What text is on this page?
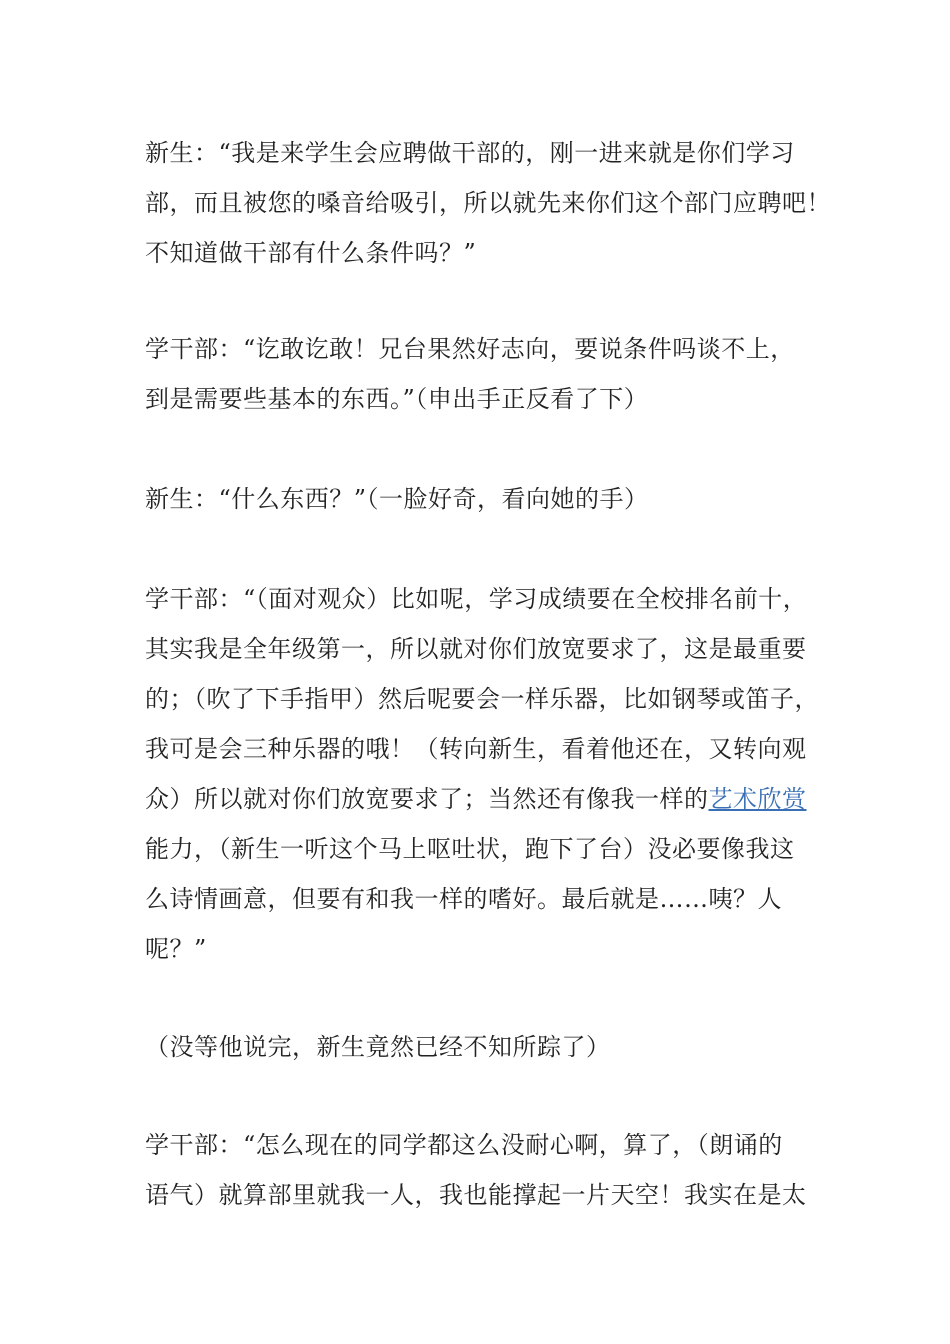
新生：“我是来学生会应聘做干部的，刚一进来就是你们学习
部，而且被您的嗓音给吸引，所以就先来你们这个部门应聘吧！
不知道做干部有什么条件吗？”
学干部：“讫敢讫敢！兄台果然好志向，要说条件吗谈不上，
到是需要些基本的东西。”（申出手正反看了下）
新生：“什么东西？”（一脸好奇，看向她的手）
学干部：“（面对观众）比如呢，学习成绩要在全校排名前十，
其实我是全年级第一，所以就对你们放宽要求了，这是最重要
的；（吹了下手指甲）然后呢要会一样乐器，比如钢琴或笛子，
我可是会三种乐器的哦！（转向新生，看着他还在，又转向观
众）所以就对你们放宽要求了；当然还有像我一样的艺术欣赏
能力，（新生一听这个马上呕吐状，跑下了台）没必要像我这
么诗情画意，但要有和我一样的嗜好。最后就是……咦？人
呢？”
（没等他说完，新生竟然已经不知所踪了）
学干部：“怎么现在的同学都这么没耐心啊，算了，（朗诵的
语气）就算部里就我一人，我也能撑起一片天空！我实在是太
